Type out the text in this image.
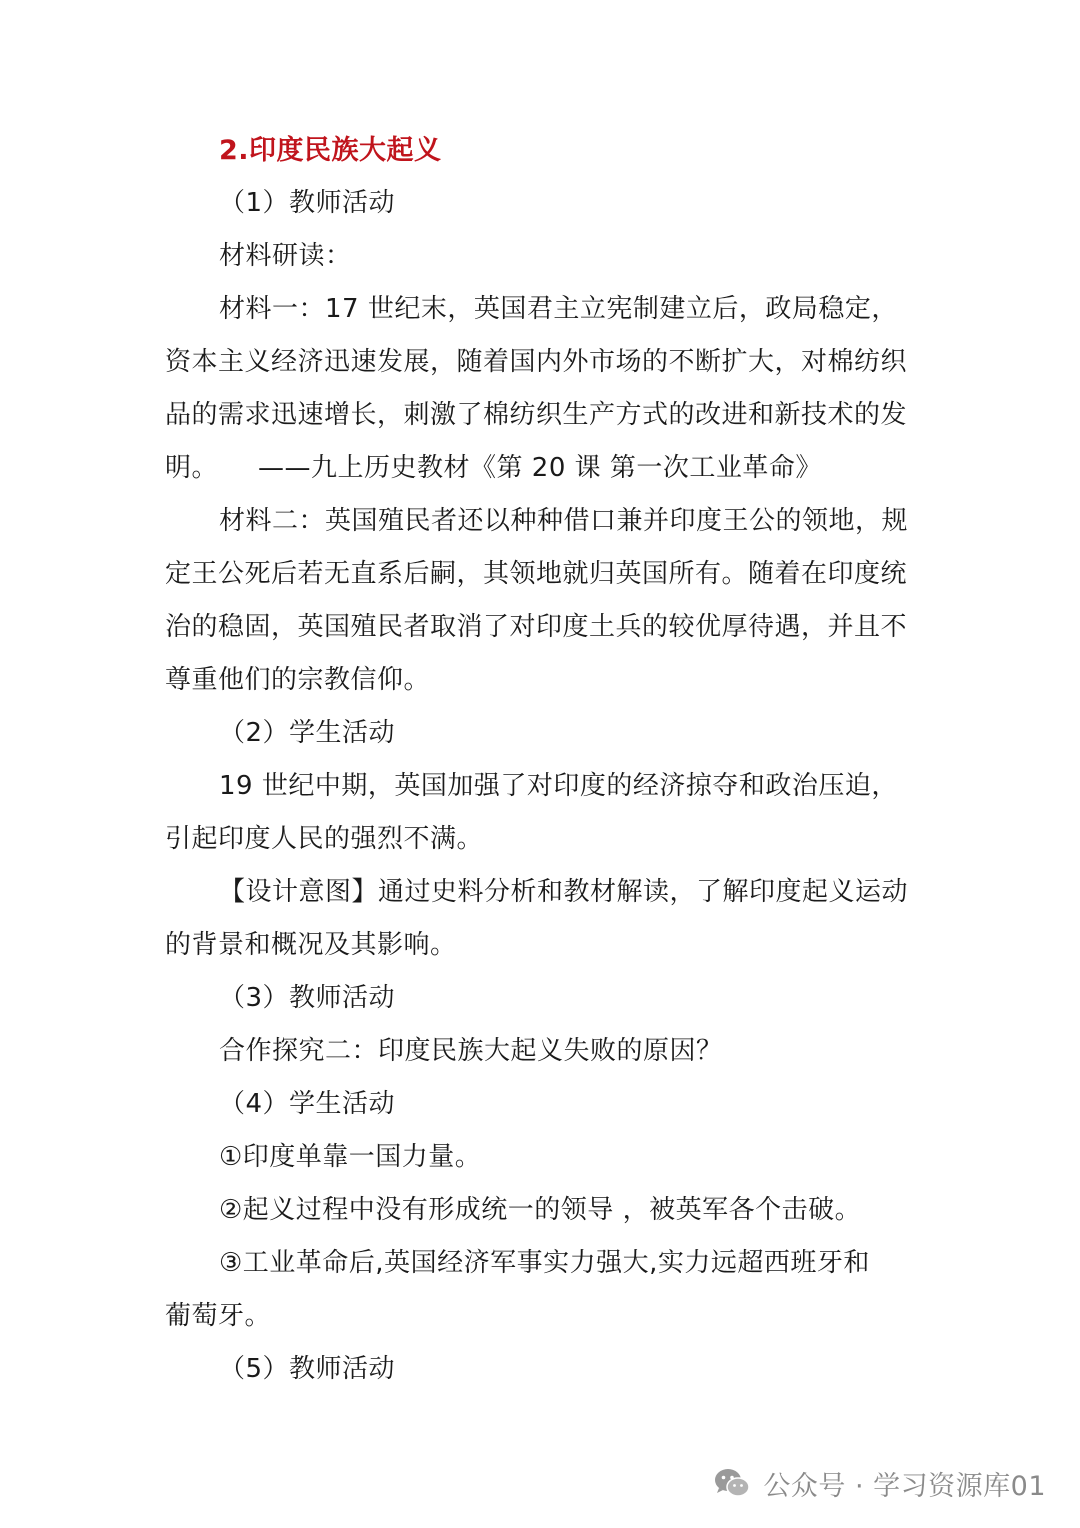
2.印度民族大起义
（1）教师活动
材料研读：
材料一：17 世纪末，英国君主立宪制建立后，政局稳定，
资本主义经济迅速发展，随着国内外市场的不断扩大，对棉纺织
品的需求迅速增长，刺激了棉纺织生产方式的改进和新技术的发
明。 ——九上历史教材《第 20 课 第一次工业革命》
材料二：英国殖民者还以种种借口兼并印度王公的领地，规
定王公死后若无直系后嗣，其领地就归英国所有。随着在印度统
治的稳固，英国殖民者取消了对印度土兵的较优厚待遇，并且不
尊重他们的宗教信仰。
（2）学生活动
19 世纪中期，英国加强了对印度的经济掠夺和政治压迫，
引起印度人民的强烈不满。
【设计意图】通过史料分析和教材解读，了解印度起义运动
的背景和概况及其影响。
（3）教师活动
合作探究二：印度民族大起义失败的原因？
（4）学生活动
①印度单靠一国力量。
②起义过程中没有形成统一的领导 ，被英军各个击破。
③工业革命后,英国经济军事实力强大,实力远超西班牙和
葡萄牙。
（5）教师活动
公众号 · 学习资源库01
